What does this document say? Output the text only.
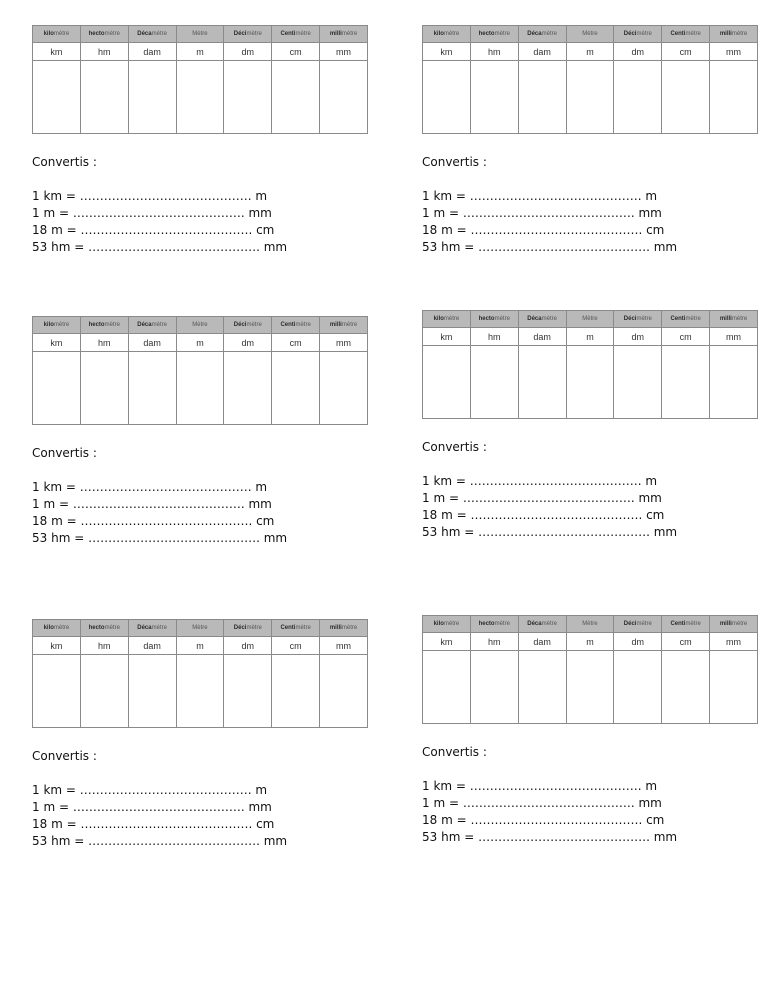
kilomètre	hectomètre	Décamètre	Mètre	Décimètre	Centimètre	millimètre
km	hm	dam	m	dm	cm	mm

Convertis :
1 km = ……………………………………. m
1 m = ……………………………………. mm
18 m = ……………………………………. cm
53 hm = ……………………………………. mm
kilomètre	hectomètre	Décamètre	Mètre	Décimètre	Centimètre	millimètre
km	hm	dam	m	dm	cm	mm

Convertis :
1 km = ……………………………………. m
1 m = ……………………………………. mm
18 m = ……………………………………. cm
53 hm = ……………………………………. mm
kilomètre	hectomètre	Décamètre	Mètre	Décimètre	Centimètre	millimètre
km	hm	dam	m	dm	cm	mm

Convertis :
1 km = ……………………………………. m
1 m = ……………………………………. mm
18 m = ……………………………………. cm
53 hm = ……………………………………. mm
kilomètre	hectomètre	Décamètre	Mètre	Décimètre	Centimètre	millimètre
km	hm	dam	m	dm	cm	mm

Convertis :
1 km = ……………………………………. m
1 m = ……………………………………. mm
18 m = ……………………………………. cm
53 hm = ……………………………………. mm
kilomètre	hectomètre	Décamètre	Mètre	Décimètre	Centimètre	millimètre
km	hm	dam	m	dm	cm	mm

Convertis :
1 km = ……………………………………. m
1 m = ……………………………………. mm
18 m = ……………………………………. cm
53 hm = ……………………………………. mm
kilomètre	hectomètre	Décamètre	Mètre	Décimètre	Centimètre	millimètre
km	hm	dam	m	dm	cm	mm

Convertis :
1 km = ……………………………………. m
1 m = ……………………………………. mm
18 m = ……………………………………. cm
53 hm = ……………………………………. mm
